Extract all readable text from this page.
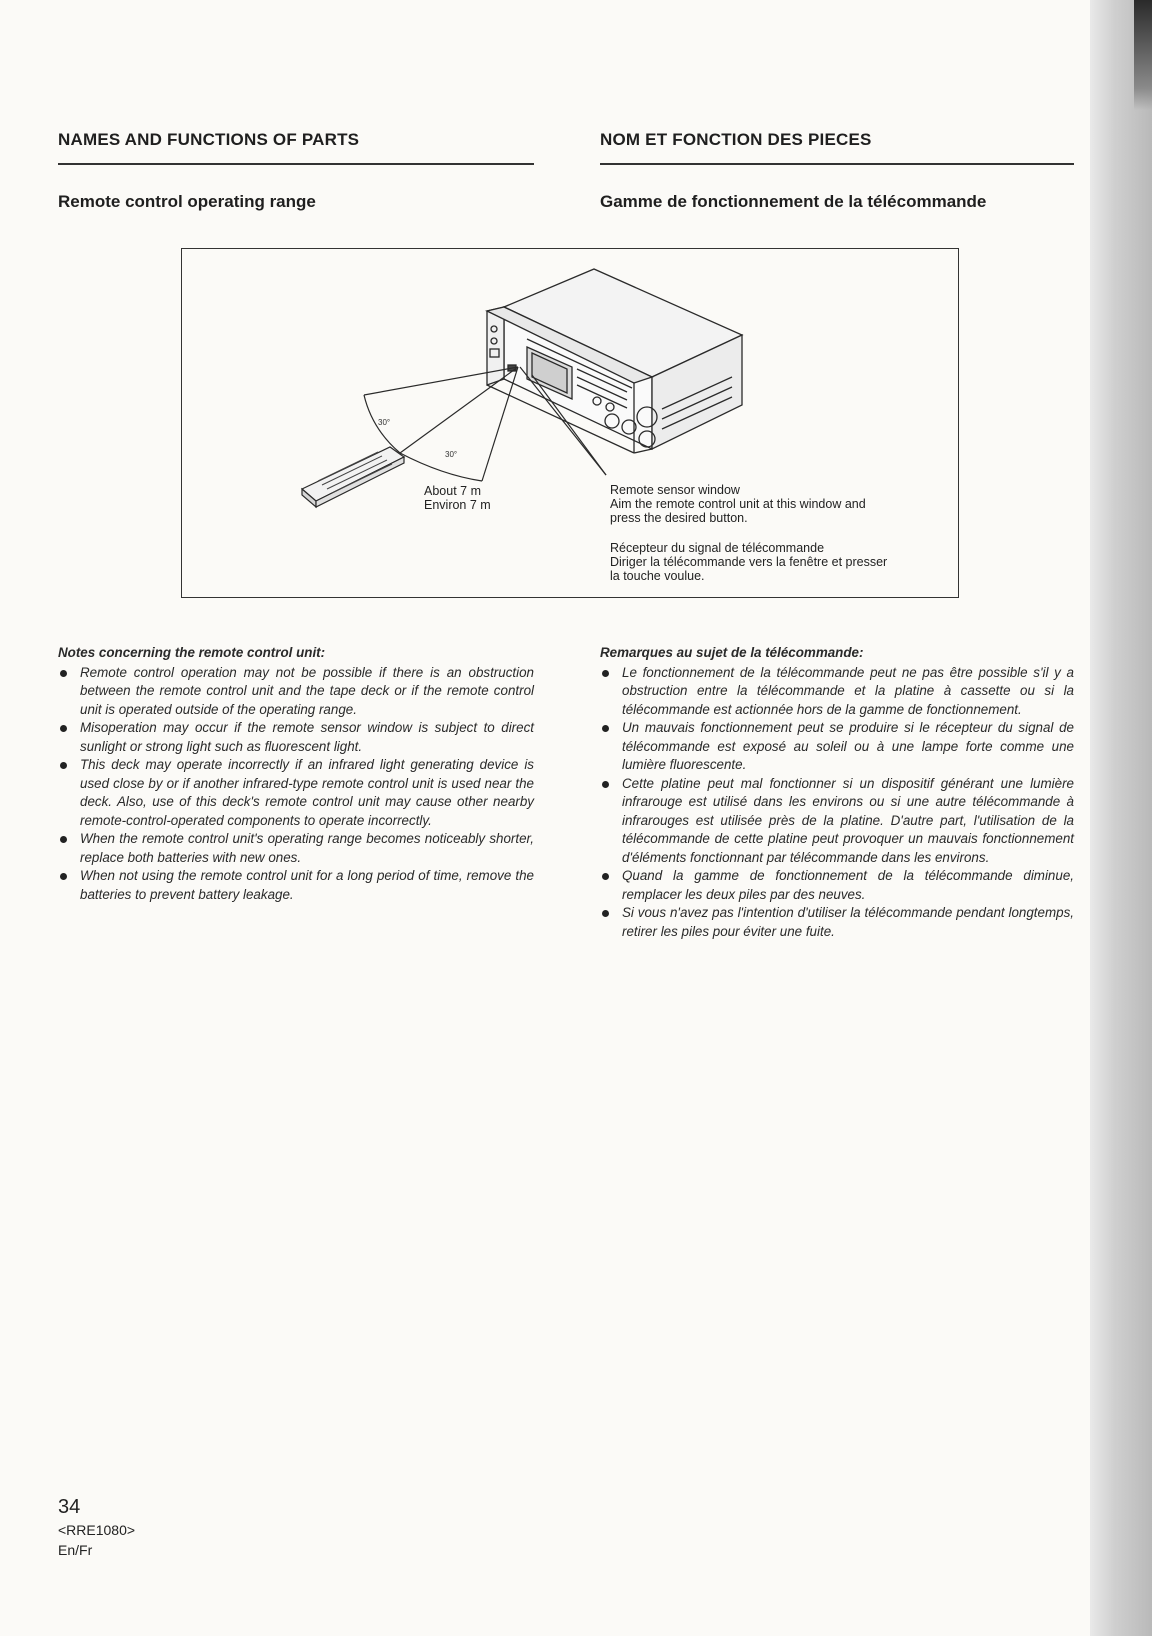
NAMES AND FUNCTIONS OF PARTS	NOM ET FONCTION DES PIECES
Remote control operating range	Gamme de fonctionnement de la télécommande
30°
30°
About 7 m
Environ 7 m
Remote sensor window
Aim the remote control unit at this window and
press the desired button.
Récepteur du signal de télécommande
Diriger la télécommande vers la fenêtre et presser
la touche voulue.
Notes concerning the remote control unit:
Remote control operation may not be possible if there is an obstruction between the remote control unit and the tape deck or if the remote control unit is operated outside of the operating range.
Misoperation may occur if the remote sensor window is subject to direct sunlight or strong light such as fluorescent light.
This deck may operate incorrectly if an infrared light generating device is used close by or if another infrared-type remote control unit is used near the deck. Also, use of this deck's remote control unit may cause other nearby remote-control-operated components to operate incorrectly.
When the remote control unit's operating range becomes noticeably shorter, replace both batteries with new ones.
When not using the remote control unit for a long period of time, remove the batteries to prevent battery leakage.
Remarques au sujet de la télécommande:
Le fonctionnement de la télécommande peut ne pas être possible s'il y a obstruction entre la télécommande et la platine à cassette ou si la télécommande est actionnée hors de la gamme de fonctionnement.
Un mauvais fonctionnement peut se produire si le récepteur du signal de télécommande est exposé au soleil ou à une lampe forte comme une lumière fluorescente.
Cette platine peut mal fonctionner si un dispositif générant une lumière infrarouge est utilisé dans les environs ou si une autre télécommande à infrarouges est utilisée près de la platine. D'autre part, l'utilisation de la télécommande de cette platine peut provoquer un mauvais fonctionnement d'éléments fonctionnant par télécommande dans les environs.
Quand la gamme de fonctionnement de la télécommande diminue, remplacer les deux piles par des neuves.
Si vous n'avez pas l'intention d'utiliser la télécommande pendant longtemps, retirer les piles pour éviter une fuite.
34
<RRE1080>
En/Fr
